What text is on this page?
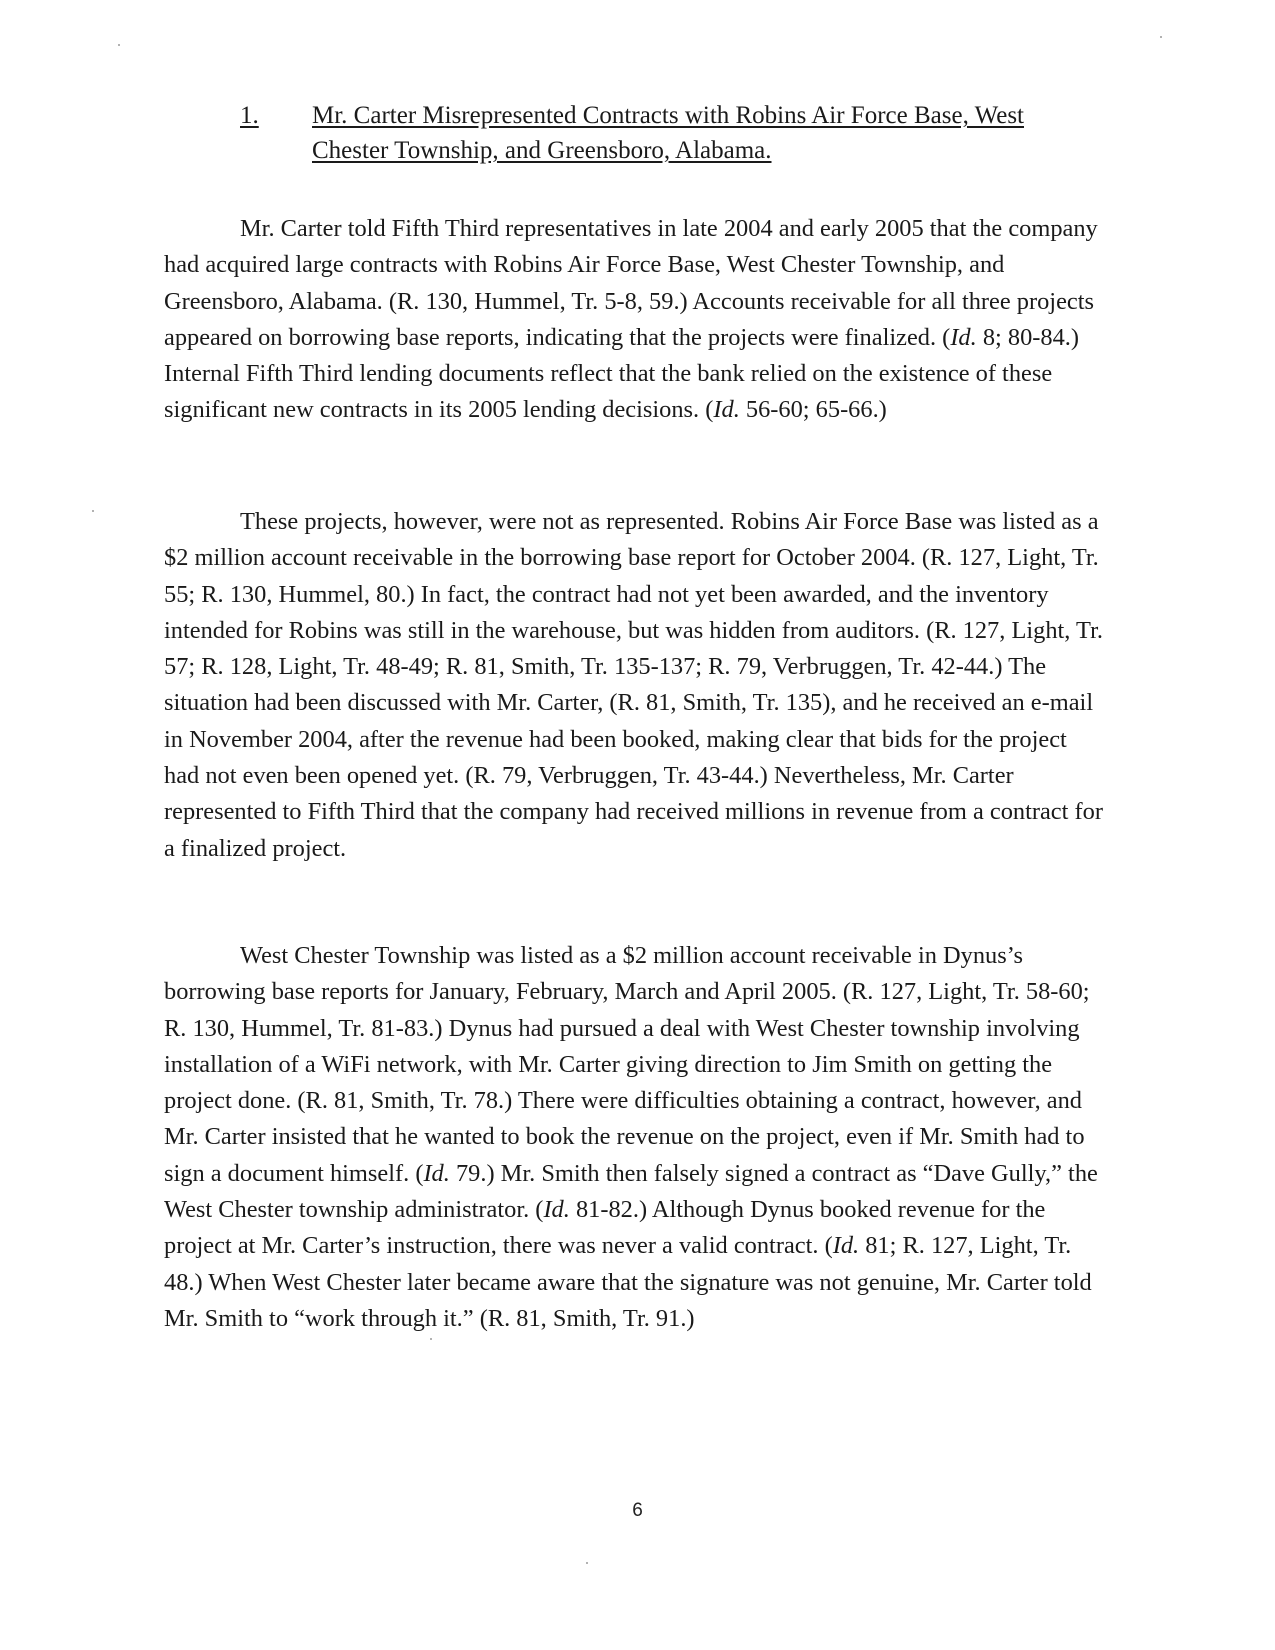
1. Mr. Carter Misrepresented Contracts with Robins Air Force Base, West Chester Township, and Greensboro, Alabama.

Mr. Carter told Fifth Third representatives in late 2004 and early 2005 that the company had acquired large contracts with Robins Air Force Base, West Chester Township, and Greensboro, Alabama. (R. 130, Hummel, Tr. 5-8, 59.) Accounts receivable for all three projects appeared on borrowing base reports, indicating that the projects were finalized. (Id. 8; 80-84.) Internal Fifth Third lending documents reflect that the bank relied on the existence of these significant new contracts in its 2005 lending decisions. (Id. 56-60; 65-66.)

These projects, however, were not as represented. Robins Air Force Base was listed as a $2 million account receivable in the borrowing base report for October 2004. (R. 127, Light, Tr. 55; R. 130, Hummel, 80.) In fact, the contract had not yet been awarded, and the inventory intended for Robins was still in the warehouse, but was hidden from auditors. (R. 127, Light, Tr. 57; R. 128, Light, Tr. 48-49; R. 81, Smith, Tr. 135-137; R. 79, Verbruggen, Tr. 42-44.) The situation had been discussed with Mr. Carter, (R. 81, Smith, Tr. 135), and he received an e-mail in November 2004, after the revenue had been booked, making clear that bids for the project had not even been opened yet. (R. 79, Verbruggen, Tr. 43-44.) Nevertheless, Mr. Carter represented to Fifth Third that the company had received millions in revenue from a contract for a finalized project.

West Chester Township was listed as a $2 million account receivable in Dynus’s borrowing base reports for January, February, March and April 2005. (R. 127, Light, Tr. 58-60; R. 130, Hummel, Tr. 81-83.) Dynus had pursued a deal with West Chester township involving installation of a WiFi network, with Mr. Carter giving direction to Jim Smith on getting the project done. (R. 81, Smith, Tr. 78.) There were difficulties obtaining a contract, however, and Mr. Carter insisted that he wanted to book the revenue on the project, even if Mr. Smith had to sign a document himself. (Id. 79.) Mr. Smith then falsely signed a contract as “Dave Gully,” the West Chester township administrator. (Id. 81-82.) Although Dynus booked revenue for the project at Mr. Carter’s instruction, there was never a valid contract. (Id. 81; R. 127, Light, Tr. 48.) When West Chester later became aware that the signature was not genuine, Mr. Carter told Mr. Smith to “work through it.” (R. 81, Smith, Tr. 91.)

6
